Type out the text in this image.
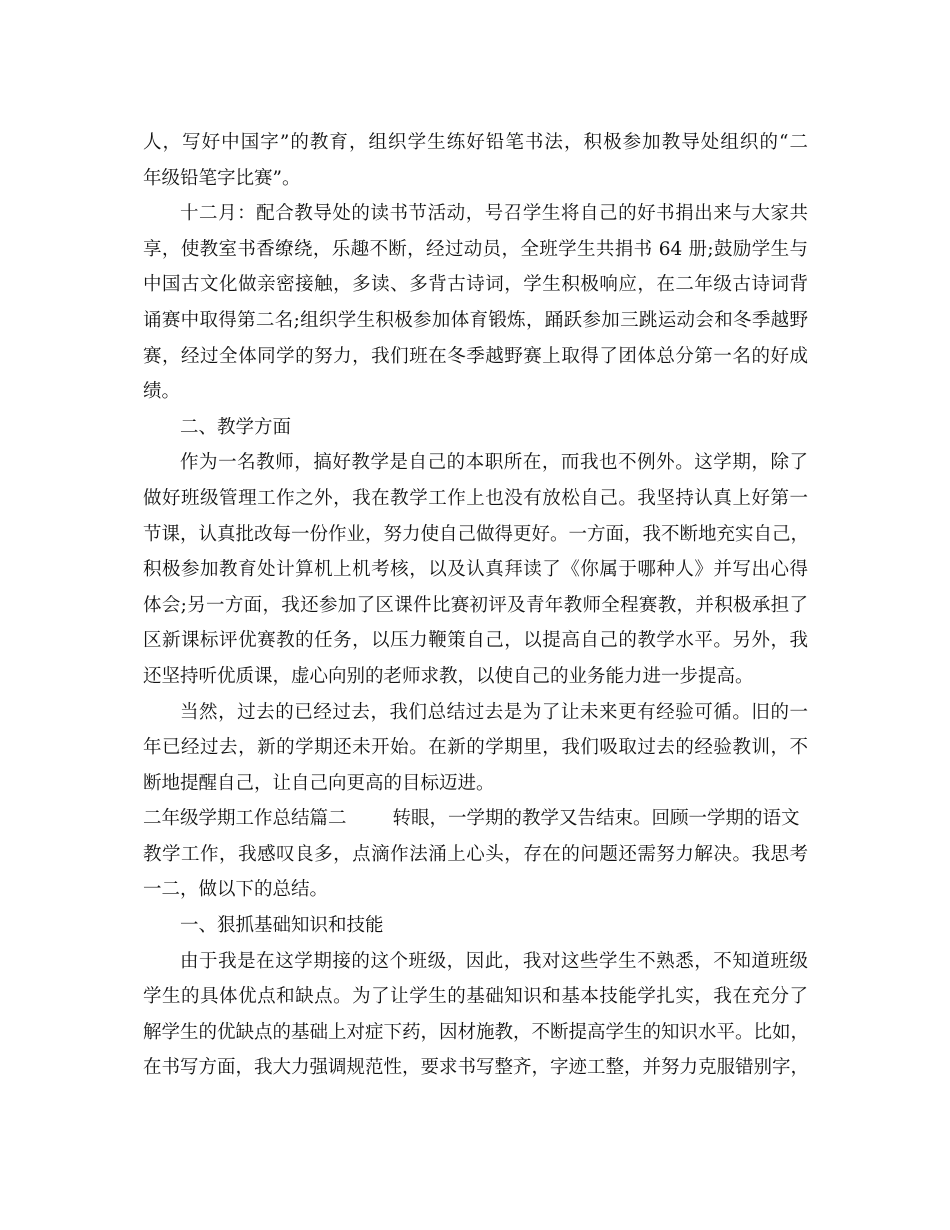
人，写好中国字”的教育，组织学生练好铅笔书法，积极参加教导处组织的“二
年级铅笔字比赛”。
十二月：配合教导处的读书节活动，号召学生将自己的好书捐出来与大家共
享，使教室书香缭绕，乐趣不断，经过动员，全班学生共捐书 64 册;鼓励学生与
中国古文化做亲密接触，多读、多背古诗词，学生积极响应，在二年级古诗词背
诵赛中取得第二名;组织学生积极参加体育锻炼，踊跃参加三跳运动会和冬季越野
赛，经过全体同学的努力，我们班在冬季越野赛上取得了团体总分第一名的好成
绩。
二、教学方面
作为一名教师，搞好教学是自己的本职所在，而我也不例外。这学期，除了
做好班级管理工作之外，我在教学工作上也没有放松自己。我坚持认真上好第一
节课，认真批改每一份作业，努力使自己做得更好。一方面，我不断地充实自己，
积极参加教育处计算机上机考核，以及认真拜读了《你属于哪种人》并写出心得
体会;另一方面，我还参加了区课件比赛初评及青年教师全程赛教，并积极承担了
区新课标评优赛教的任务，以压力鞭策自己，以提高自己的教学水平。另外，我
还坚持听优质课，虚心向别的老师求教，以使自己的业务能力进一步提高。
当然，过去的已经过去，我们总结过去是为了让未来更有经验可循。旧的一
年已经过去，新的学期还未开始。在新的学期里，我们吸取过去的经验教训，不
断地提醒自己，让自己向更高的目标迈进。
二年级学期工作总结篇二 转眼，一学期的教学又告结束。回顾一学期的语文
教学工作，我感叹良多，点滴作法涌上心头，存在的问题还需努力解决。我思考
一二，做以下的总结。
一、狠抓基础知识和技能
由于我是在这学期接的这个班级，因此，我对这些学生不熟悉，不知道班级
学生的具体优点和缺点。为了让学生的基础知识和基本技能学扎实，我在充分了
解学生的优缺点的基础上对症下药，因材施教，不断提高学生的知识水平。比如，
在书写方面，我大力强调规范性，要求书写整齐，字迹工整，并努力克服错别字，
